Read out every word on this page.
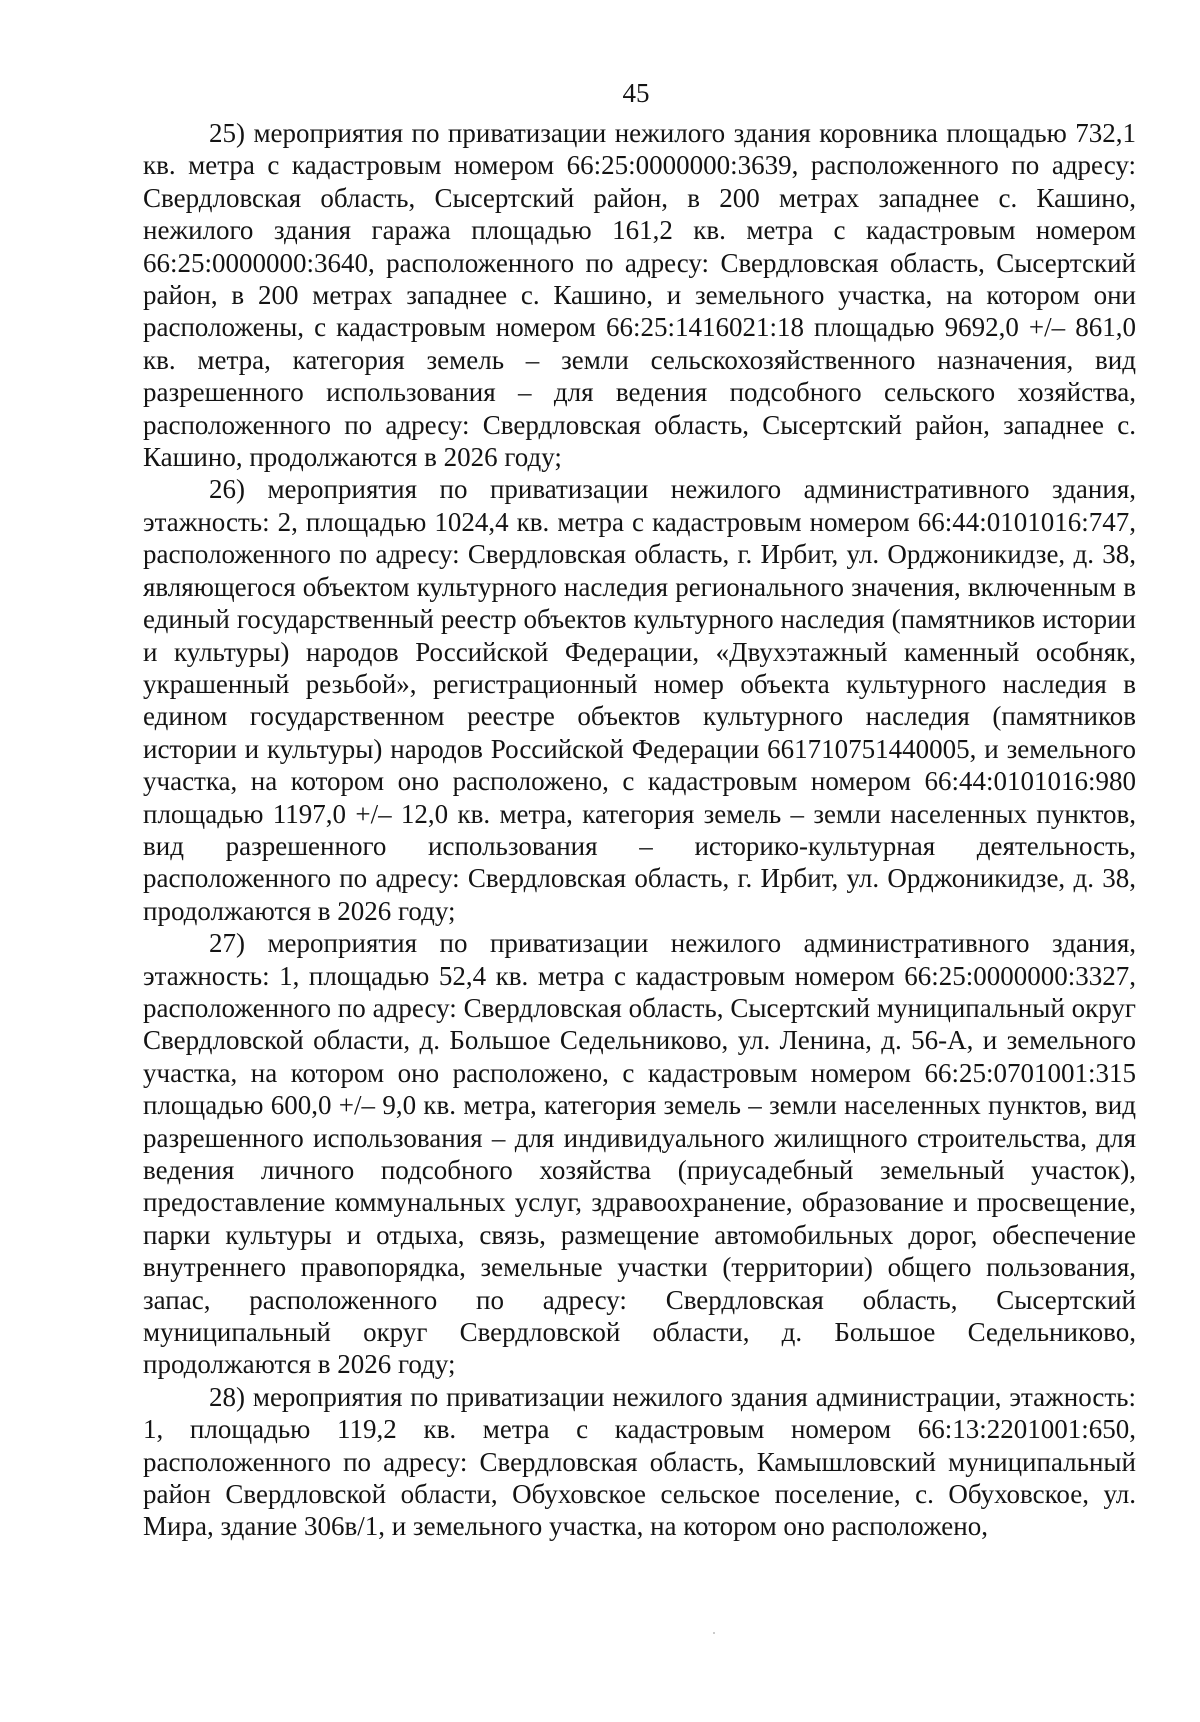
45

25) мероприятия по приватизации нежилого здания коровника площадью 732,1 кв. метра с кадастровым номером 66:25:0000000:3639, расположенного по адресу: Свердловская область, Сысертский район, в 200 метрах западнее с. Кашино, нежилого здания гаража площадью 161,2 кв. метра с кадастровым номером 66:25:0000000:3640, расположенного по адресу: Свердловская область, Сысертский район, в 200 метрах западнее с. Кашино, и земельного участка, на котором они расположены, с кадастровым номером 66:25:1416021:18 площадью 9692,0 +/– 861,0 кв. метра, категория земель – земли сельскохозяйственного назначения, вид разрешенного использования – для ведения подсобного сельского хозяйства, расположенного по адресу: Свердловская область, Сысертский район, западнее с. Кашино, продолжаются в 2026 году;

26) мероприятия по приватизации нежилого административного здания, этажность: 2, площадью 1024,4 кв. метра с кадастровым номером 66:44:0101016:747, расположенного по адресу: Свердловская область, г. Ирбит, ул. Орджоникидзе, д. 38, являющегося объектом культурного наследия регионального значения, включенным в единый государственный реестр объектов культурного наследия (памятников истории и культуры) народов Российской Федерации, «Двухэтажный каменный особняк, украшенный резьбой», регистрационный номер объекта культурного наследия в едином государственном реестре объектов культурного наследия (памятников истории и культуры) народов Российской Федерации 661710751440005, и земельного участка, на котором оно расположено, с кадастровым номером 66:44:0101016:980 площадью 1197,0 +/– 12,0 кв. метра, категория земель – земли населенных пунктов, вид разрешенного использования – историко-культурная деятельность, расположенного по адресу: Свердловская область, г. Ирбит, ул. Орджоникидзе, д. 38, продолжаются в 2026 году;

27) мероприятия по приватизации нежилого административного здания, этажность: 1, площадью 52,4 кв. метра с кадастровым номером 66:25:0000000:3327, расположенного по адресу: Свердловская область, Сысертский муниципальный округ Свердловской области, д. Большое Седельниково, ул. Ленина, д. 56-А, и земельного участка, на котором оно расположено, с кадастровым номером 66:25:0701001:315 площадью 600,0 +/– 9,0 кв. метра, категория земель – земли населенных пунктов, вид разрешенного использования – для индивидуального жилищного строительства, для ведения личного подсобного хозяйства (приусадебный земельный участок), предоставление коммунальных услуг, здравоохранение, образование и просвещение, парки культуры и отдыха, связь, размещение автомобильных дорог, обеспечение внутреннего правопорядка, земельные участки (территории) общего пользования, запас, расположенного по адресу: Свердловская область, Сысертский муниципальный округ Свердловской области, д. Большое Седельниково, продолжаются в 2026 году;

28) мероприятия по приватизации нежилого здания администрации, этажность: 1, площадью 119,2 кв. метра с кадастровым номером 66:13:2201001:650, расположенного по адресу: Свердловская область, Камышловский муниципальный район Свердловской области, Обуховское сельское поселение, с. Обуховское, ул. Мира, здание 306в/1, и земельного участка, на котором оно расположено,
